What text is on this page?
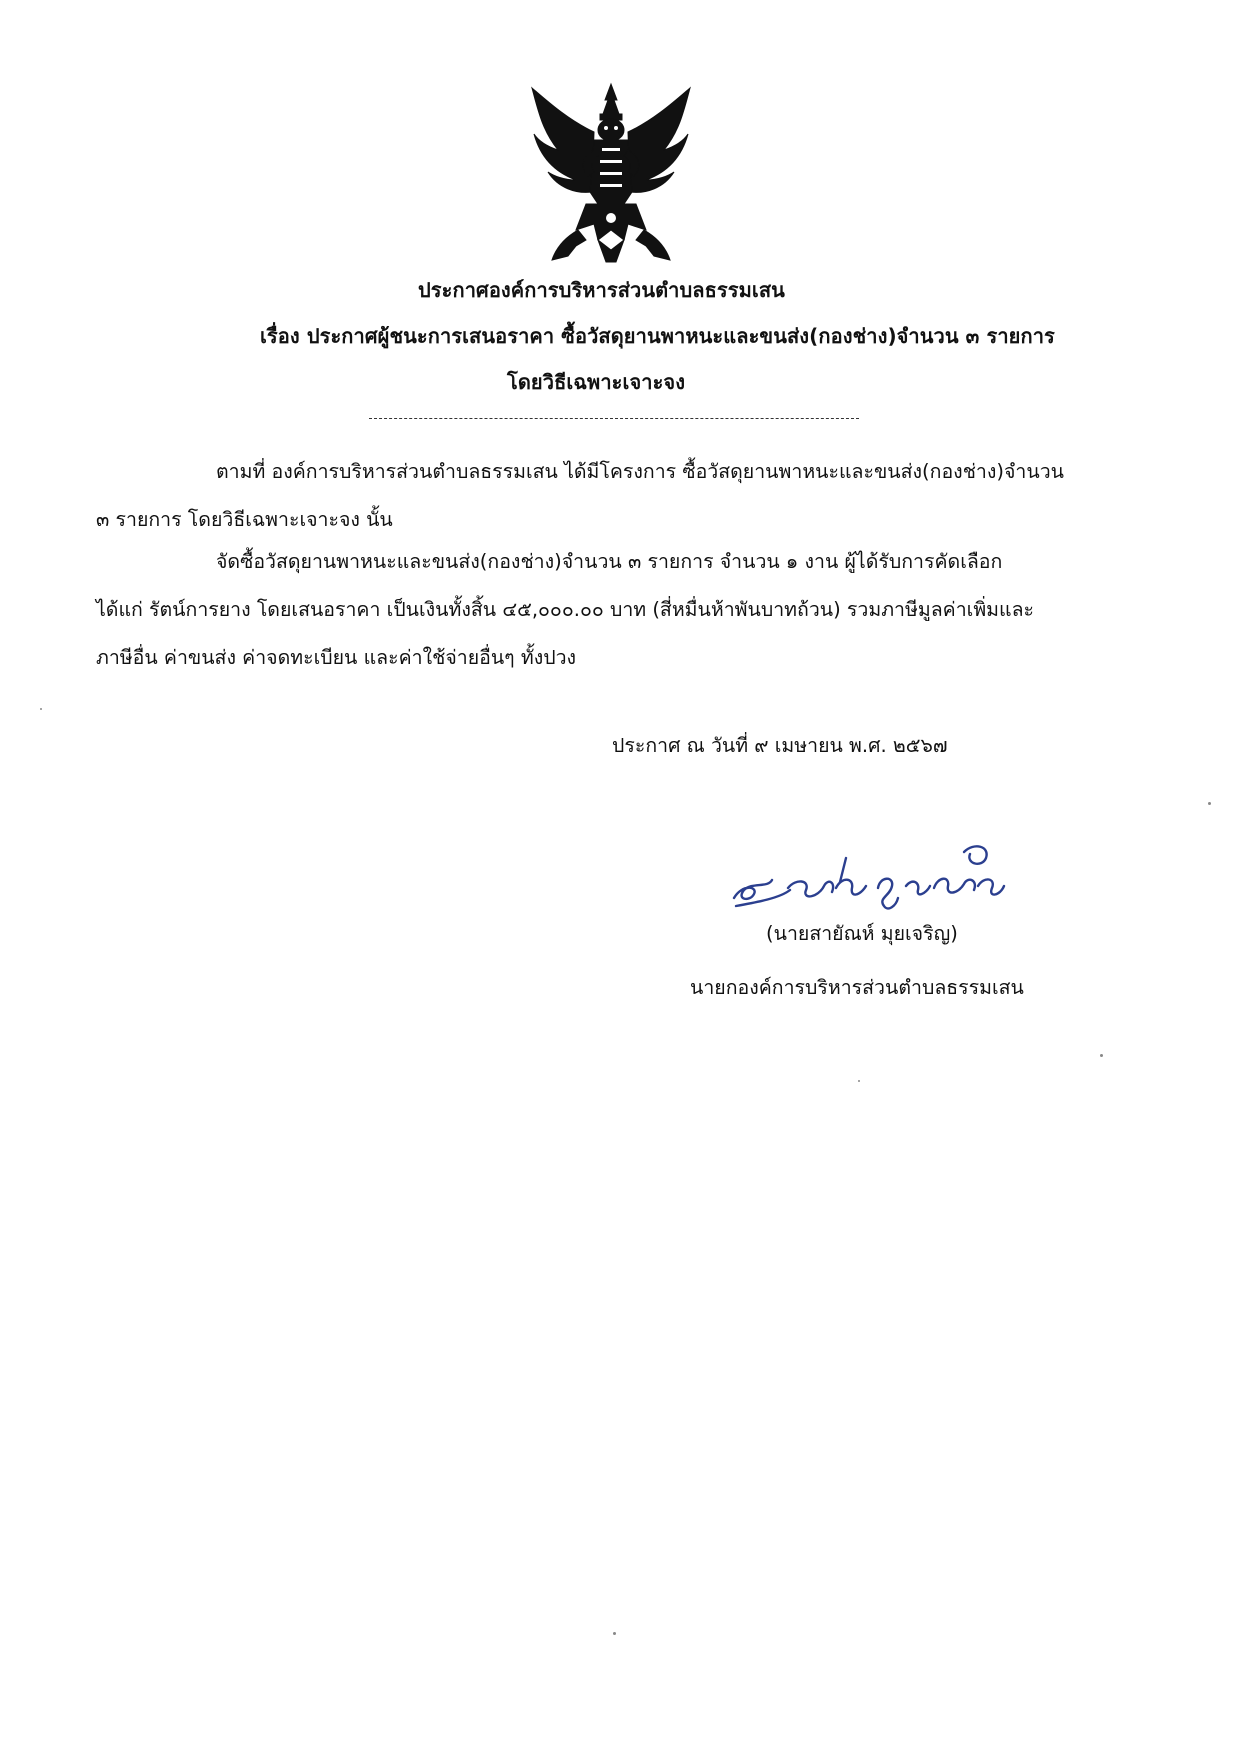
ประกาศองค์การบริหารส่วนตำบลธรรมเสน
เรื่อง ประกาศผู้ชนะการเสนอราคา ซื้อวัสดุยานพาหนะและขนส่ง(กองช่าง)จำนวน ๓ รายการ
โดยวิธีเฉพาะเจาะจง
ตามที่ องค์การบริหารส่วนตำบลธรรมเสน ได้มีโครงการ ซื้อวัสดุยานพาหนะและขนส่ง(กองช่าง)จำนวน
๓ รายการ โดยวิธีเฉพาะเจาะจง นั้น
จัดซื้อวัสดุยานพาหนะและขนส่ง(กองช่าง)จำนวน ๓ รายการ จำนวน ๑ งาน ผู้ได้รับการคัดเลือก
ได้แก่ รัตน์การยาง โดยเสนอราคา เป็นเงินทั้งสิ้น ๔๕,๐๐๐.๐๐ บาท (สี่หมื่นห้าพันบาทถ้วน) รวมภาษีมูลค่าเพิ่มและ
ภาษีอื่น ค่าขนส่ง ค่าจดทะเบียน และค่าใช้จ่ายอื่นๆ ทั้งปวง
ประกาศ ณ วันที่ ๙ เมษายน พ.ศ. ๒๕๖๗
(นายสายัณห์ มุยเจริญ)
นายกองค์การบริหารส่วนตำบลธรรมเสน
